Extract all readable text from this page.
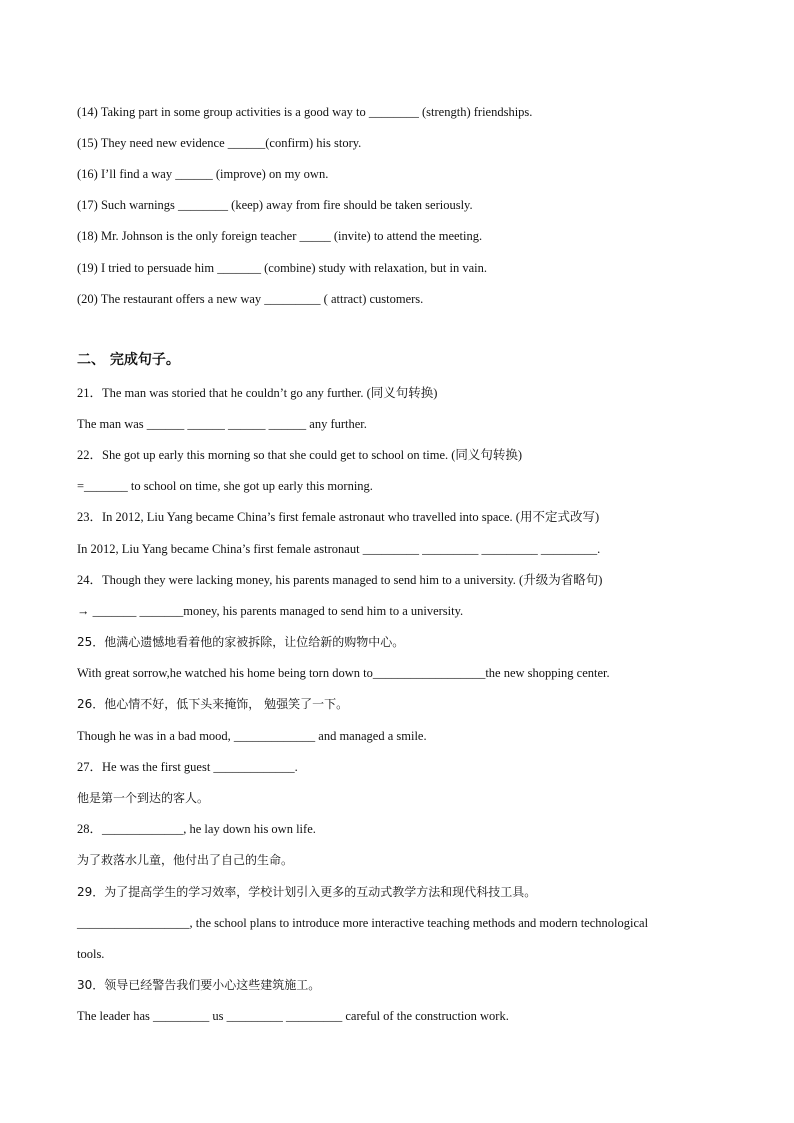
(14) Taking part in some group activities is a good way to ________ (strength) friendships.
(15) They need new evidence ______(confirm) his story.
(16) I’ll find a way ______ (improve) on my own.
(17) Such warnings ________ (keep) away from fire should be taken seriously.
(18) Mr. Johnson is the only foreign teacher _____ (invite) to attend the meeting.
(19) I tried to persuade him _______ (combine) study with relaxation, but in vain.
(20) The restaurant offers a new way _________ ( attract) customers.
二、 完成句子。
21．The man was storied that he couldn’t go any further. (同义句转换)
The man was ______ ______ ______ ______ any further.
22．She got up early this morning so that she could get to school on time. (同义句转换)
=_______ to school on time, she got up early this morning.
23．In 2012, Liu Yang became China’s first female astronaut who travelled into space. (用不定式改写)
In 2012, Liu Yang became China’s first female astronaut _________ _________ _________ _________.
24．Though they were lacking money, his parents managed to send him to a university. (升级为省略句)
→ _______ _______money, his parents managed to send him to a university.
25．他满心遗憾地看着他的家被拆除，让位给新的购物中心。
With great sorrow,he watched his home being torn down to__________________the new shopping center.
26．他心情不好，低下头来掩饰， 勉强笑了一下。
Though he was in a bad mood, _____________ and managed a smile.
27．He was the first guest _____________.
他是第一个到达的客人。
28．_____________, he lay down his own life.
为了救落水儿童，他付出了自己的生命。
29．为了提高学生的学习效率，学校计划引入更多的互动式教学方法和现代科技工具。
__________________, the school plans to introduce more interactive teaching methods and modern technological
tools.
30．领导已经警告我们要小心这些建筑施工。
The leader has _________ us _________ _________ careful of the construction work.
